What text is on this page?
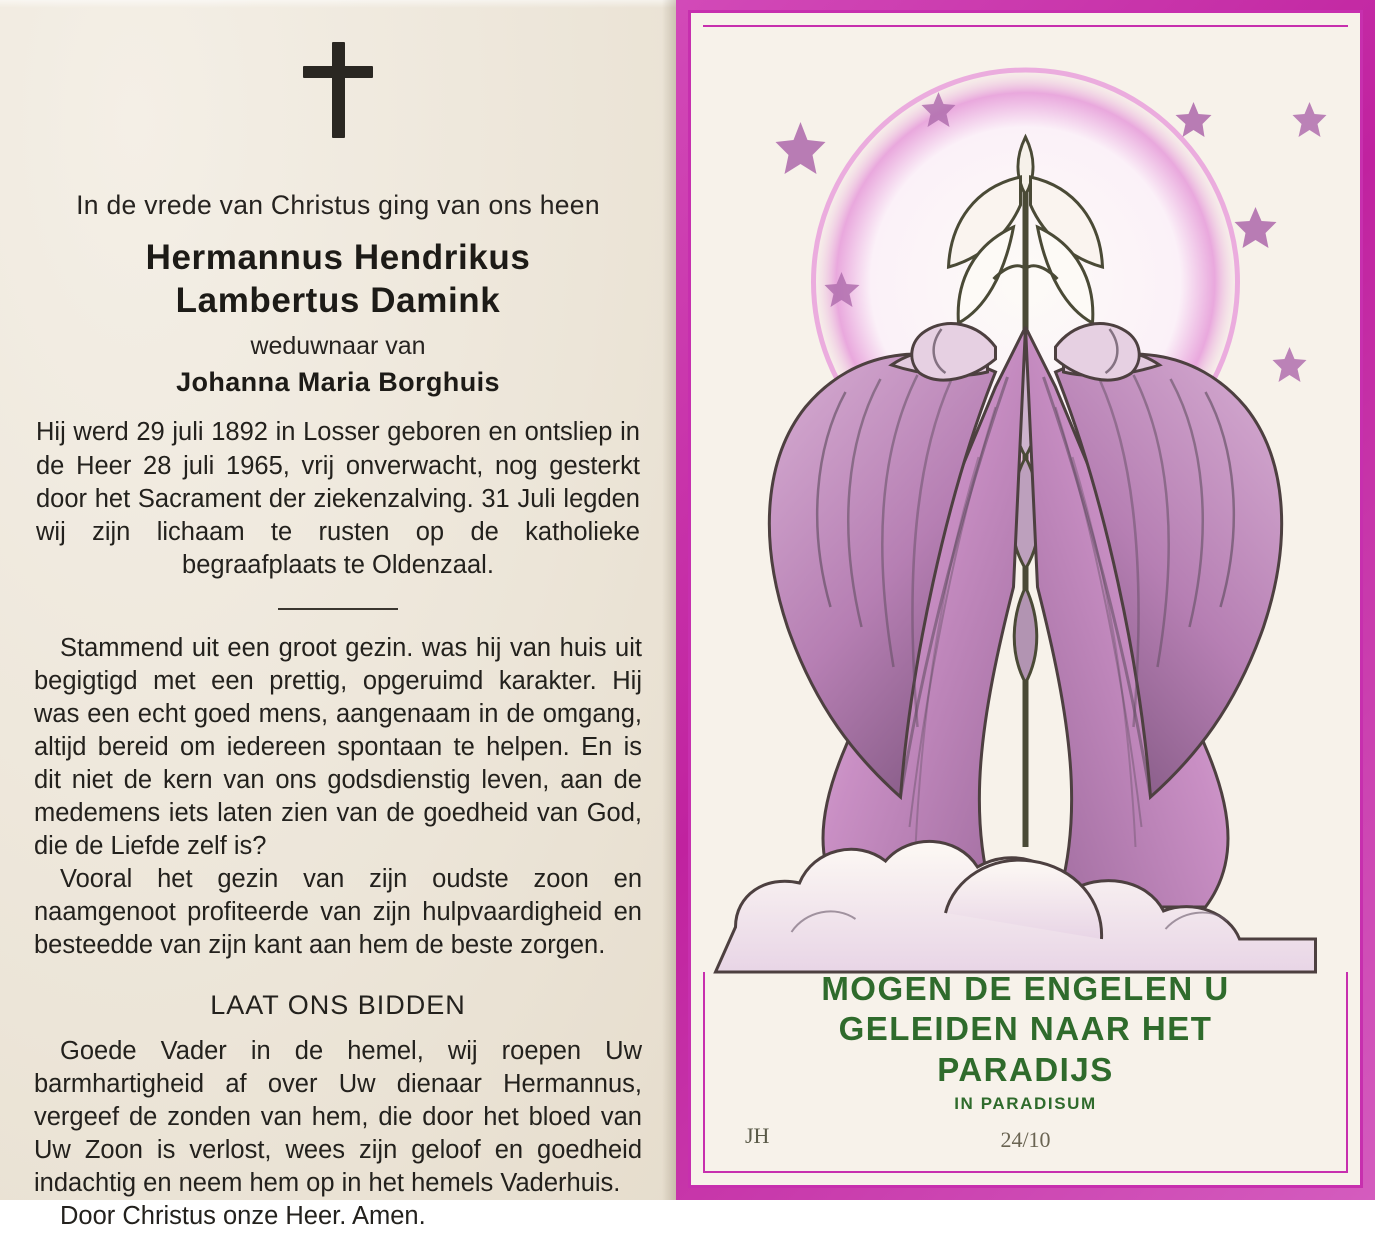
In de vrede van Christus ging van ons heen
Hermannus Hendrikus
Lambertus Damink
weduwnaar van
Johanna Maria Borghuis

Hij werd 29 juli 1892 in Losser geboren en ontsliep in de Heer 28 juli 1965, vrij onverwacht, nog gesterkt door het Sacrament der ziekenzalving. 31 Juli legden wij zijn lichaam te rusten op de katholieke begraafplaats te Oldenzaal.

Stammend uit een groot gezin. was hij van huis uit begigtigd met een prettig, opgeruimd karakter. Hij was een echt goed mens, aangenaam in de omgang, altijd bereid om iedereen spontaan te helpen. En is dit niet de kern van ons godsdienstig leven, aan de medemens iets laten zien van de goedheid van God, die de Liefde zelf is?

Vooral het gezin van zijn oudste zoon en naamgenoot profiteerde van zijn hulpvaardigheid en besteedde van zijn kant aan hem de beste zorgen.

LAAT ONS BIDDEN

Goede Vader in de hemel, wij roepen Uw barmhartigheid af over Uw dienaar Hermannus, vergeef de zonden van hem, die door het bloed van Uw Zoon is verlost, wees zijn geloof en goedheid indachtig en neem hem op in het hemels Vaderhuis.

Door Christus onze Heer. Amen.
MOGEN DE ENGELEN U
GELEIDEN NAAR HET
PARADIJS
IN PARADISUM
JH	24/10
